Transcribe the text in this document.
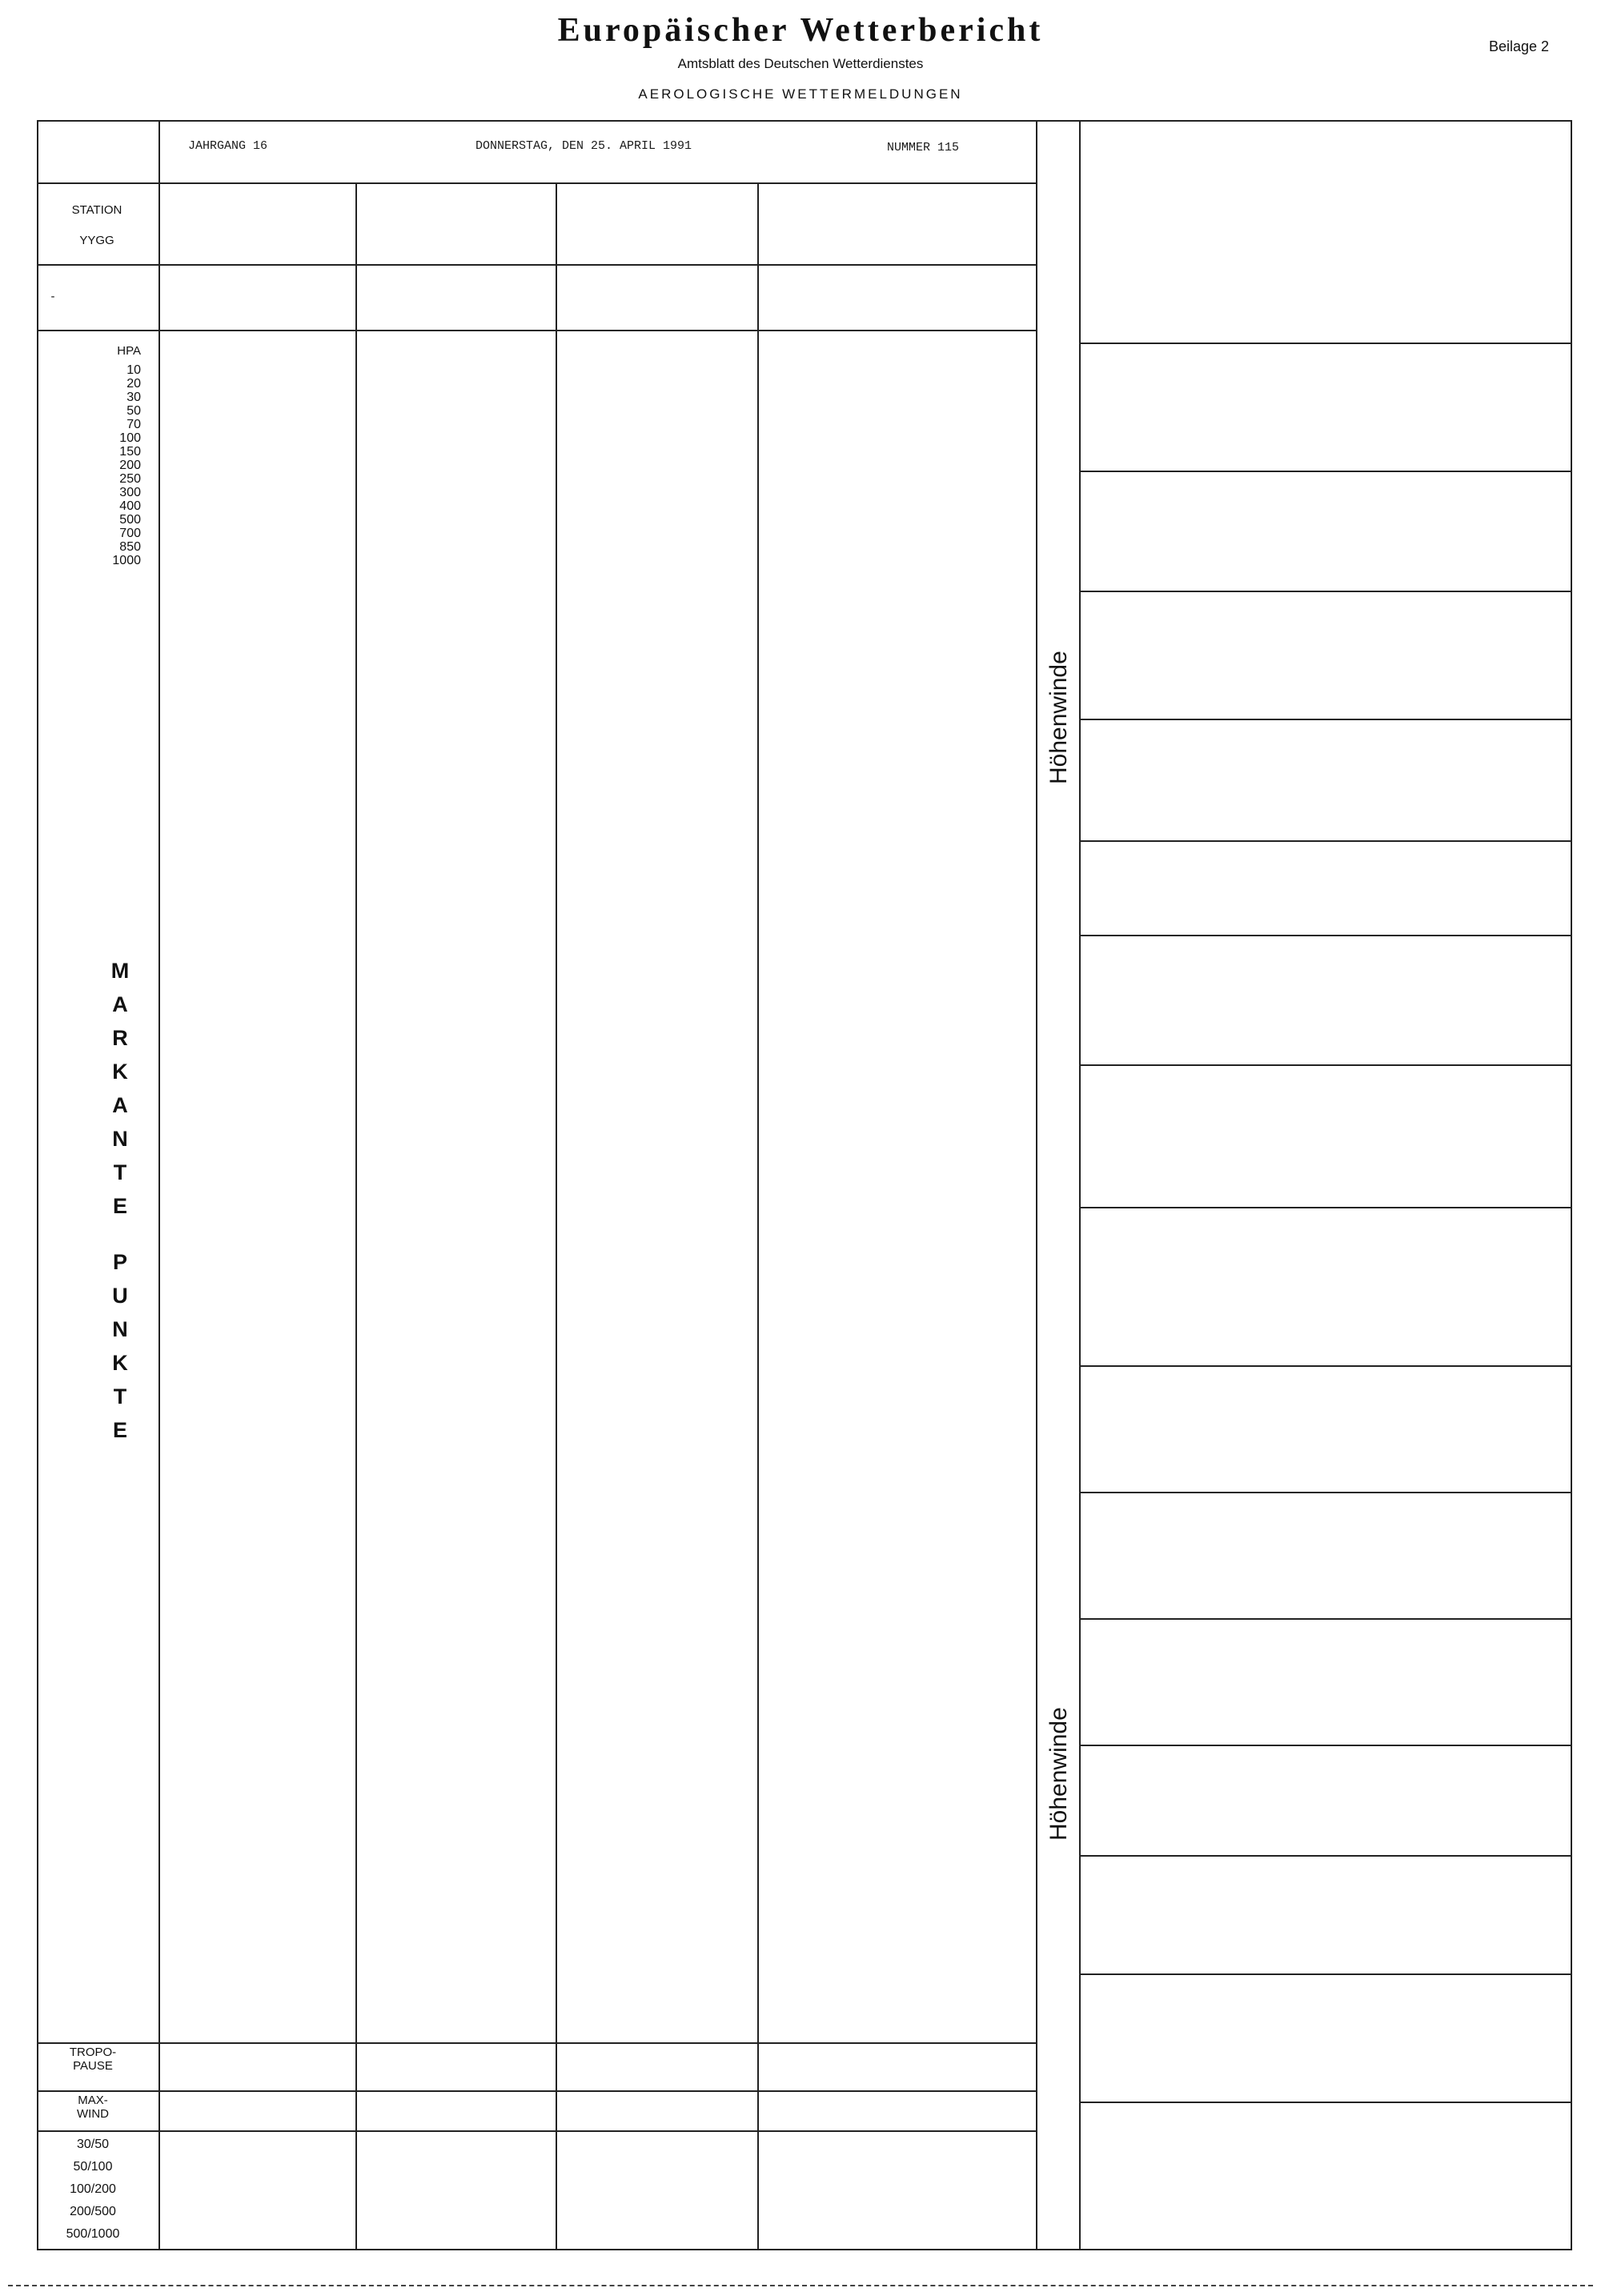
Europäischer Wetterbericht
Amtsblatt des Deutschen Wetterdienstes
AEROLOGISCHE WETTERMELDUNGEN
Beilage 2
JAHRGANG 16	DONNERSTAG, DEN 25. APRIL 1991	NUMMER 115
STATION
YYGG
-
HPA
10
20
30
50
70
100
150
200
250
300
400
500
700
850
1000
M
A
R
K
A
N
T
E
P
U
N
K
T
E
TROPO-
PAUSE
MAX-
WIND
30/50
50/100
100/200
200/500
500/1000
Höhenwinde
Höhenwinde
